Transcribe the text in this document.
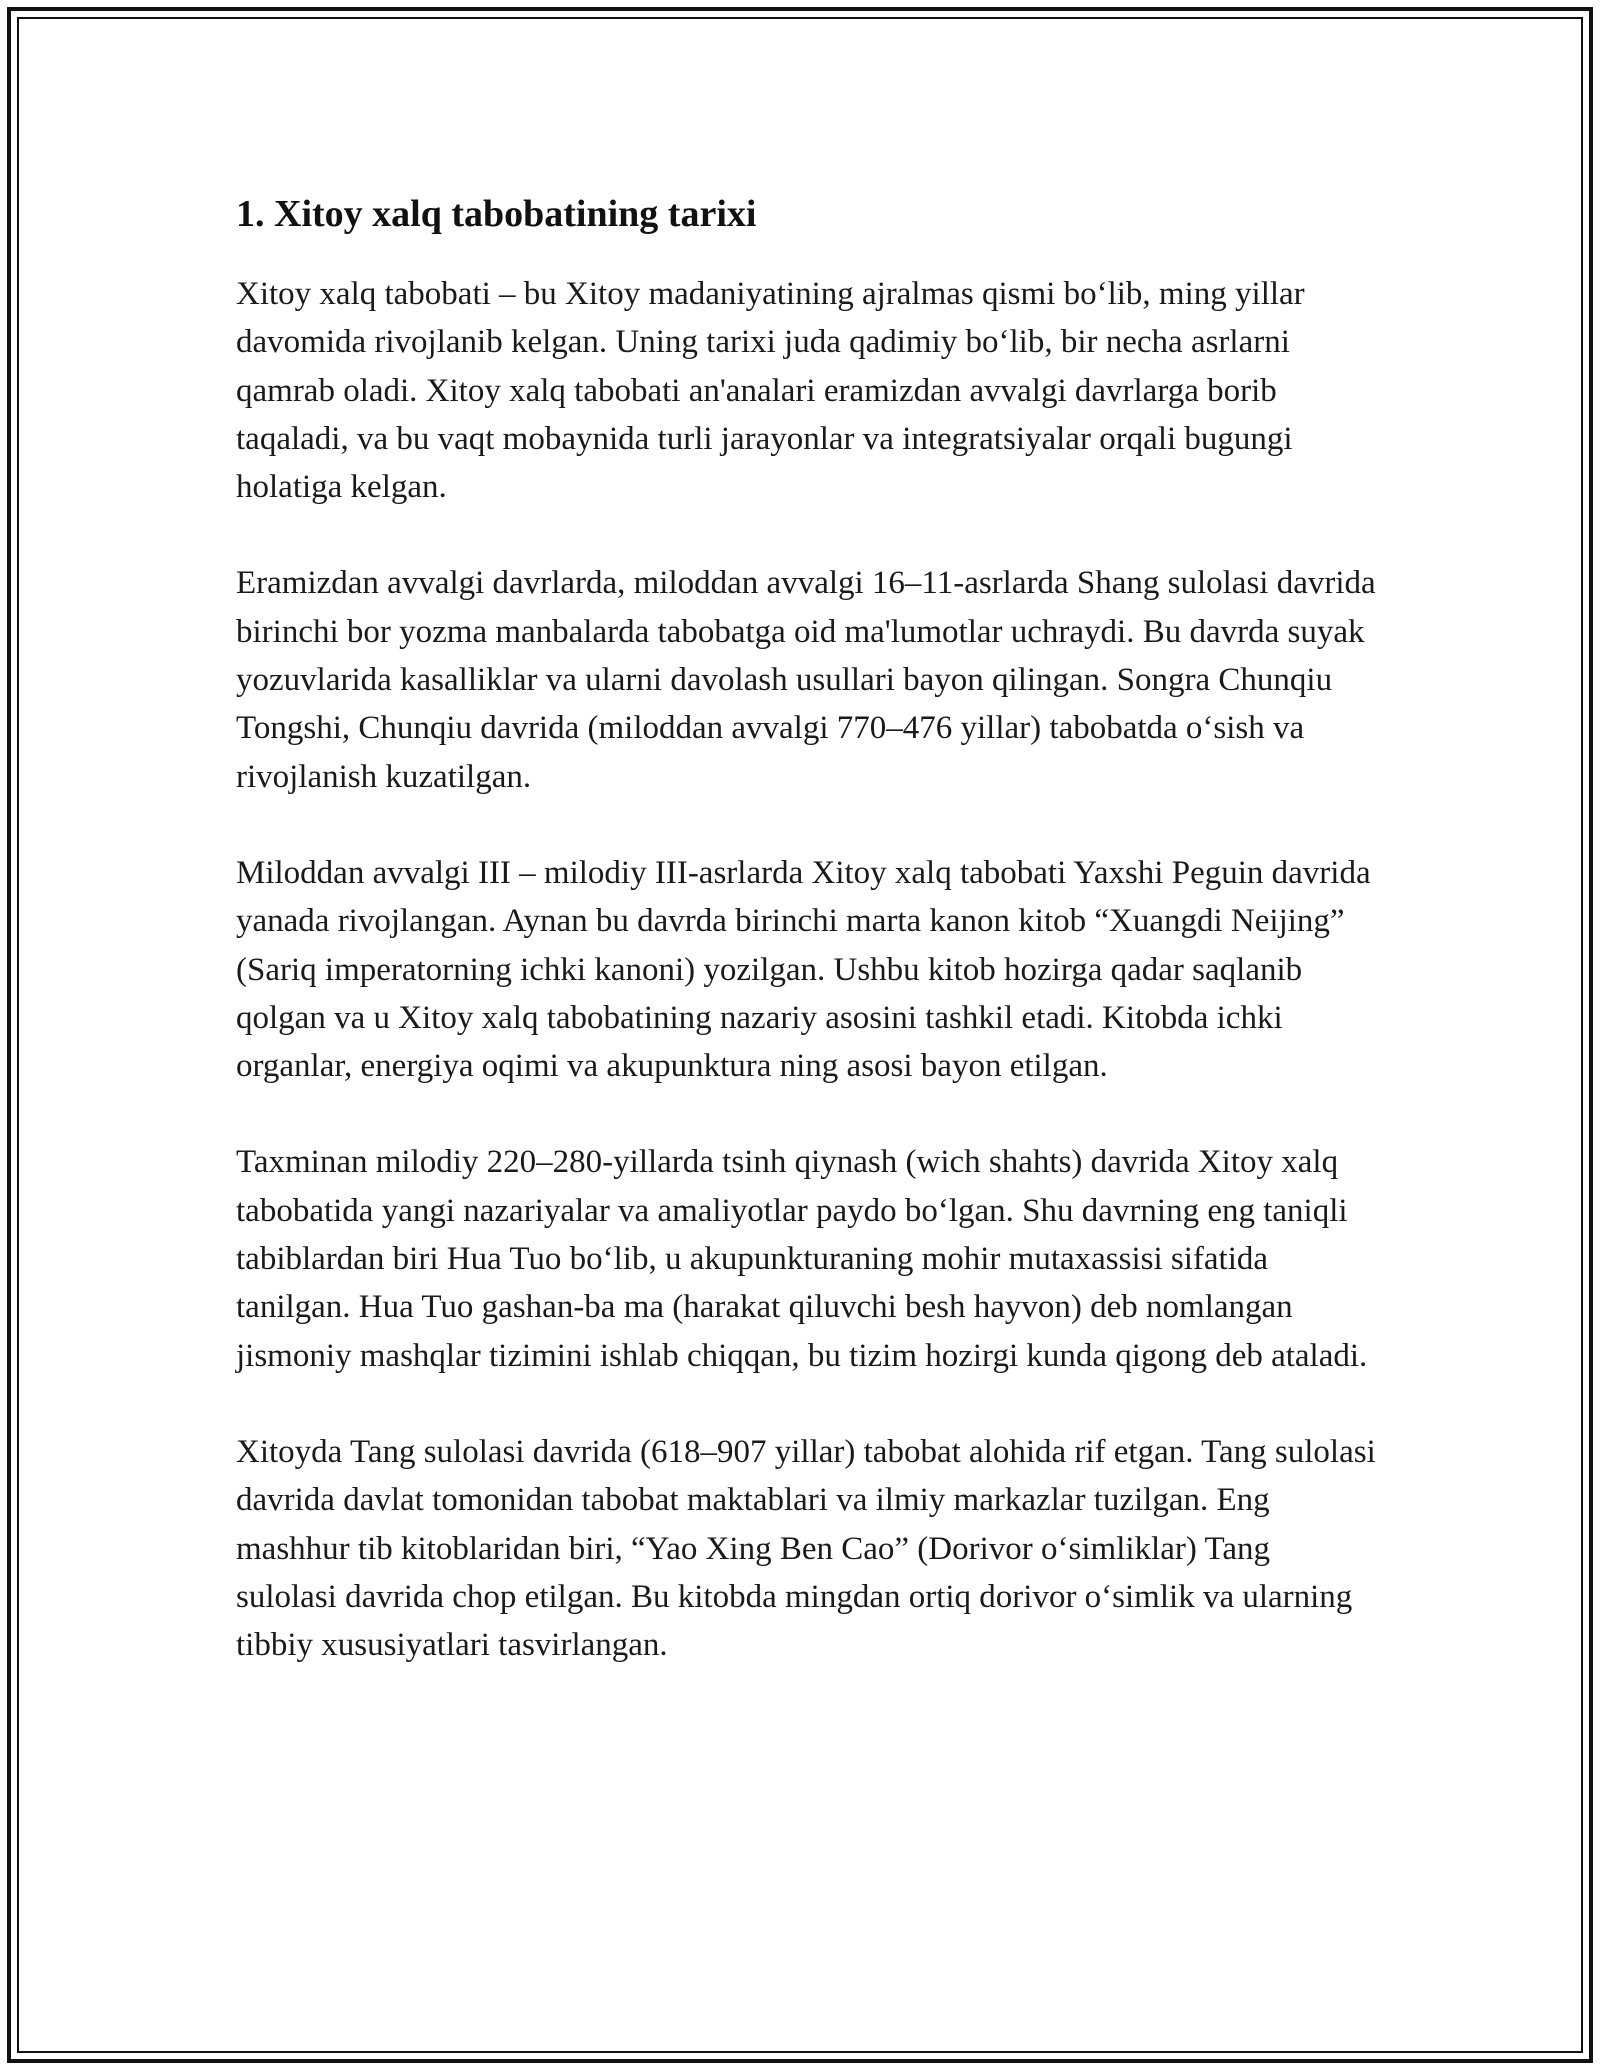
1. Xitoy xalq tabobatining tarixi

Xitoy xalq tabobati – bu Xitoy madaniyatining ajralmas qismi bo‘lib, ming yillar davomida rivojlanib kelgan. Uning tarixi juda qadimiy bo‘lib, bir necha asrlarni qamrab oladi. Xitoy xalq tabobati an'analari eramizdan avvalgi davrlarga borib taqaladi, va bu vaqt mobaynida turli jarayonlar va integratsiyalar orqali bugungi holatiga kelgan.

Eramizdan avvalgi davrlarda, miloddan avvalgi 16–11-asrlarda Shang sulolasi davrida birinchi bor yozma manbalarda tabobatga oid ma'lumotlar uchraydi. Bu davrda suyak yozuvlarida kasalliklar va ularni davolash usullari bayon qilingan. Songra Chunqiu Tongshi, Chunqiu davrida (miloddan avvalgi 770–476 yillar) tabobatda o‘sish va rivojlanish kuzatilgan.

Miloddan avvalgi III – milodiy III-asrlarda Xitoy xalq tabobati Yaxshi Peguin davrida yanada rivojlangan. Aynan bu davrda birinchi marta kanon kitob “Xuangdi Neijing” (Sariq imperatorning ichki kanoni) yozilgan. Ushbu kitob hozirga qadar saqlanib qolgan va u Xitoy xalq tabobatining nazariy asosini tashkil etadi. Kitobda ichki organlar, energiya oqimi va akupunktura ning asosi bayon etilgan.

Taxminan milodiy 220–280-yillarda tsinh qiynash (wich shahts) davrida Xitoy xalq tabobatida yangi nazariyalar va amaliyotlar paydo bo‘lgan. Shu davrning eng taniqli tabiblardan biri Hua Tuo bo‘lib, u akupunkturaning mohir mutaxassisi sifatida tanilgan. Hua Tuo gashan-ba ma (harakat qiluvchi besh hayvon) deb nomlangan jismoniy mashqlar tizimini ishlab chiqqan, bu tizim hozirgi kunda qigong deb ataladi.

Xitoyda Tang sulolasi davrida (618–907 yillar) tabobat alohida rif etgan. Tang sulolasi davrida davlat tomonidan tabobat maktablari va ilmiy markazlar tuzilgan. Eng mashhur tib kitoblaridan biri, “Yao Xing Ben Cao” (Dorivor o‘simliklar) Tang sulolasi davrida chop etilgan. Bu kitobda mingdan ortiq dorivor o‘simlik va ularning tibbiy xususiyatlari tasvirlangan.
